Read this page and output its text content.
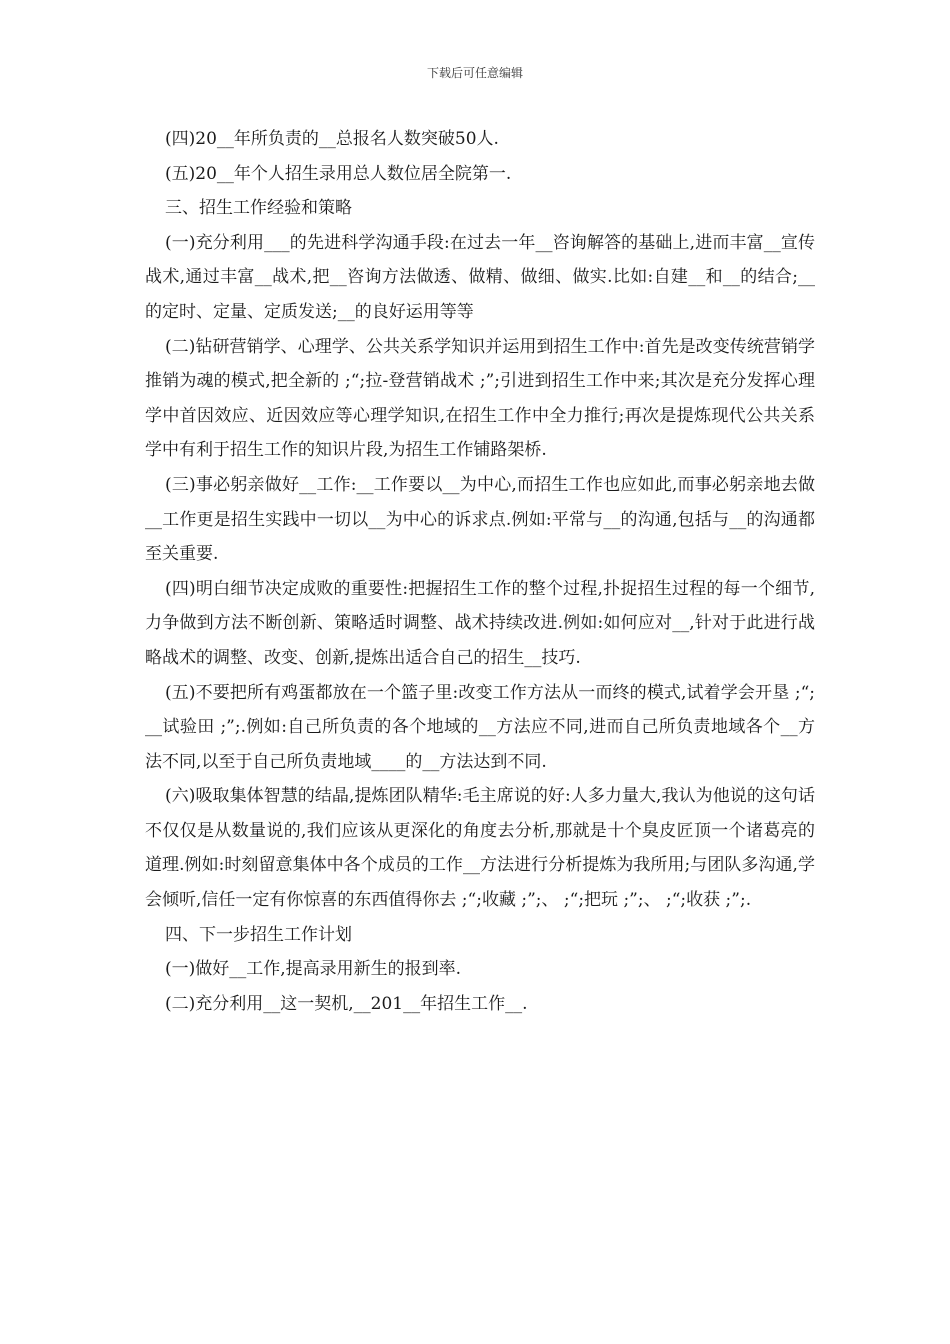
下载后可任意编辑

(四)20__年所负责的__总报名人数突破50人.

(五)20__年个人招生录用总人数位居全院第一.

三、招生工作经验和策略

(一)充分利用___的先进科学沟通手段:在过去一年__咨询解答的基础上,进而丰富__宣传战术,通过丰富__战术,把__咨询方法做透、做精、做细、做实.比如:自建__和__的结合;__的定时、定量、定质发送;__的良好运用等等

(二)钻研营销学、心理学、公共关系学知识并运用到招生工作中:首先是改变传统营销学推销为魂的模式,把全新的 ;“;拉-登营销战术 ;”;引进到招生工作中来;其次是充分发挥心理学中首因效应、近因效应等心理学知识,在招生工作中全力推行;再次是提炼现代公共关系学中有利于招生工作的知识片段,为招生工作铺路架桥.

(三)事必躬亲做好__工作:__工作要以__为中心,而招生工作也应如此,而事必躬亲地去做__工作更是招生实践中一切以__为中心的诉求点.例如:平常与__的沟通,包括与__的沟通都至关重要.

(四)明白细节决定成败的重要性:把握招生工作的整个过程,扑捉招生过程的每一个细节,力争做到方法不断创新、策略适时调整、战术持续改进.例如:如何应对__,针对于此进行战略战术的调整、改变、创新,提炼出适合自己的招生__技巧.

(五)不要把所有鸡蛋都放在一个篮子里:改变工作方法从一而终的模式,试着学会开垦 ;“;__试验田 ;”;.例如:自己所负责的各个地域的__方法应不同,进而自己所负责地域各个__方法不同,以至于自己所负责地域____的__方法达到不同.

(六)吸取集体智慧的结晶,提炼团队精华:毛主席说的好:人多力量大,我认为他说的这句话不仅仅是从数量说的,我们应该从更深化的角度去分析,那就是十个臭皮匠顶一个诸葛亮的道理.例如:时刻留意集体中各个成员的工作__方法进行分析提炼为我所用;与团队多沟通,学会倾听,信任一定有你惊喜的东西值得你去 ;“;收藏 ;”;、 ;“;把玩 ;”;、 ;“;收获 ;”;.

四、下一步招生工作计划

(一)做好__工作,提高录用新生的报到率.

(二)充分利用__这一契机,__201__年招生工作__.
